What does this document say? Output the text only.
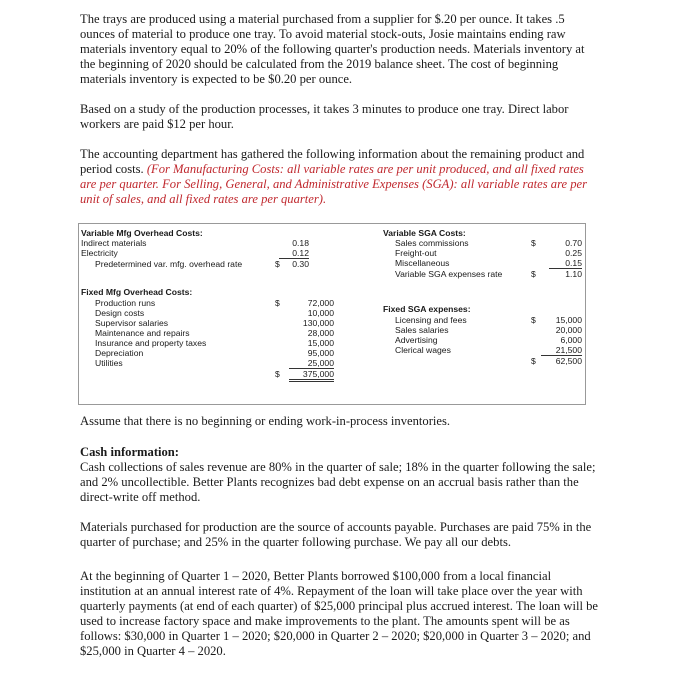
The trays are produced using a material purchased from a supplier for $.20 per ounce. It takes .5 ounces of material to produce one tray. To avoid material stock-outs, Josie maintains ending raw materials inventory equal to 20% of the following quarter's production needs. Materials inventory at the beginning of 2020 should be calculated from the 2019 balance sheet. The cost of beginning materials inventory is expected to be $0.20 per ounce.

Based on a study of the production processes, it takes 3 minutes to produce one tray. Direct labor workers are paid $12 per hour.

The accounting department has gathered the following information about the remaining product and period costs. (For Manufacturing Costs: all variable rates are per unit produced, and all fixed rates are per quarter. For Selling, General, and Administrative Expenses (SGA): all variable rates are per unit of sales, and all fixed rates are per quarter).

Variable Mfg Overhead Costs:
Indirect materials	0.18
Electricity	0.12
Predetermined var. mfg. overhead rate	$	0.30
Fixed Mfg Overhead Costs:
Production runs	$	72,000
Design costs	10,000
Supervisor salaries	130,000
Maintenance and repairs	28,000
Insurance and property taxes	15,000
Depreciation	95,000
Utilities	25,000
$	375,000
Variable SGA Costs:
Sales commissions	$	0.70
Freight-out	0.25
Miscellaneous	0.15
Variable SGA expenses rate	$	1.10
Fixed SGA expenses:
Licensing and fees	$	15,000
Sales salaries	20,000
Advertising	6,000
Clerical wages	21,500
$	62,500

Assume that there is no beginning or ending work-in-process inventories.

Cash information:

Cash collections of sales revenue are 80% in the quarter of sale; 18% in the quarter following the sale; and 2% uncollectible. Better Plants recognizes bad debt expense on an accrual basis rather than the direct-write off method.

Materials purchased for production are the source of accounts payable. Purchases are paid 75% in the quarter of purchase; and 25% in the quarter following purchase. We pay all our debts.

At the beginning of Quarter 1 – 2020, Better Plants borrowed $100,000 from a local financial institution at an annual interest rate of 4%. Repayment of the loan will take place over the year with quarterly payments (at end of each quarter) of $25,000 principal plus accrued interest. The loan will be used to increase factory space and make improvements to the plant. The amounts spent will be as follows: $30,000 in Quarter 1 – 2020; $20,000 in Quarter 2 – 2020; $20,000 in Quarter 3 – 2020; and $25,000 in Quarter 4 – 2020.
